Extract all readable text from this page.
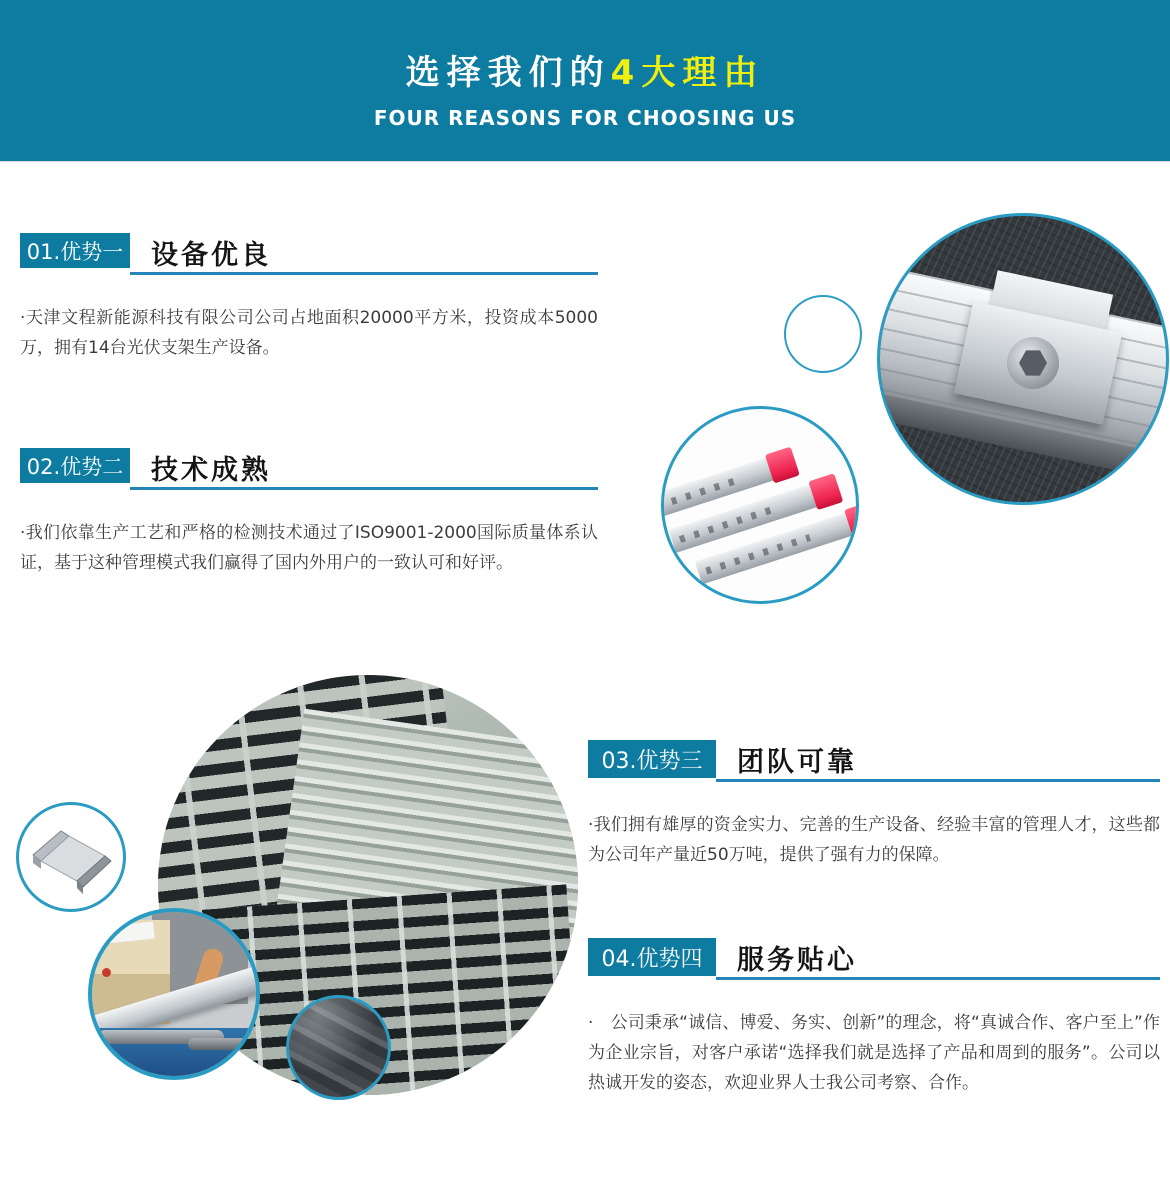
选择我们的4大理由
FOUR REASONS FOR CHOOSING US
01.优势一 设备优良
·天津文程新能源科技有限公司公司占地面积20000平方米，投资成本5000万，拥有14台光伏支架生产设备。
02.优势二 技术成熟
·我们依靠生产工艺和严格的检测技术通过了ISO9001-2000国际质量体系认证，基于这种管理模式我们赢得了国内外用户的一致认可和好评。
03.优势三	团队可靠
·我们拥有雄厚的资金实力、完善的生产设备、经验丰富的管理人才，这些都为公司年产量近50万吨，提供了强有力的保障。
04.优势四	服务贴心
·　公司秉承“诚信、博爱、务实、创新”的理念，将“真诚合作、客户至上”作为企业宗旨，对客户承诺“选择我们就是选择了产品和周到的服务”。公司以热诚开发的姿态，欢迎业界人士我公司考察、合作。
